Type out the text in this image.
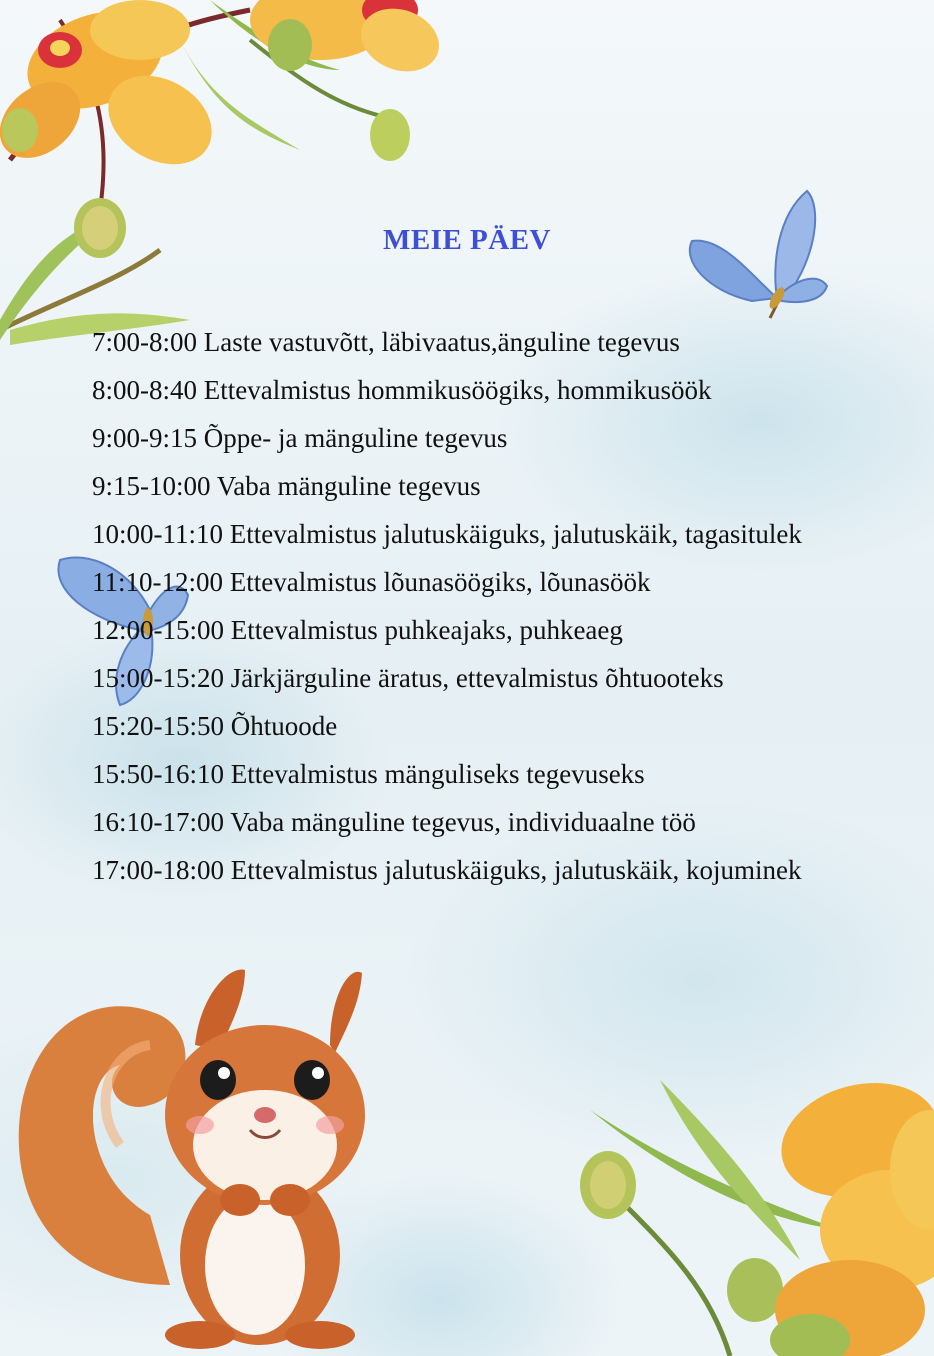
MEIE PÄEV
7:00-8:00 Laste vastuvõtt, läbivaatus,änguline tegevus
8:00-8:40 Ettevalmistus hommikusöögiks, hommikusöök
9:00-9:15 Õppe- ja mänguline tegevus
9:15-10:00 Vaba mänguline tegevus
10:00-11:10 Ettevalmistus jalutuskäiguks, jalutuskäik, tagasitulek
11:10-12:00 Ettevalmistus lõunasöögiks, lõunasöök
12:00-15:00 Ettevalmistus puhkeajaks, puhkeaeg
15:00-15:20 Järkjärguline äratus, ettevalmistus õhtuooteks
15:20-15:50 Õhtuoode
15:50-16:10 Ettevalmistus mänguliseks tegevuseks
16:10-17:00 Vaba mänguline tegevus, individuaalne töö
17:00-18:00 Ettevalmistus jalutuskäiguks, jalutuskäik, kojuminek
